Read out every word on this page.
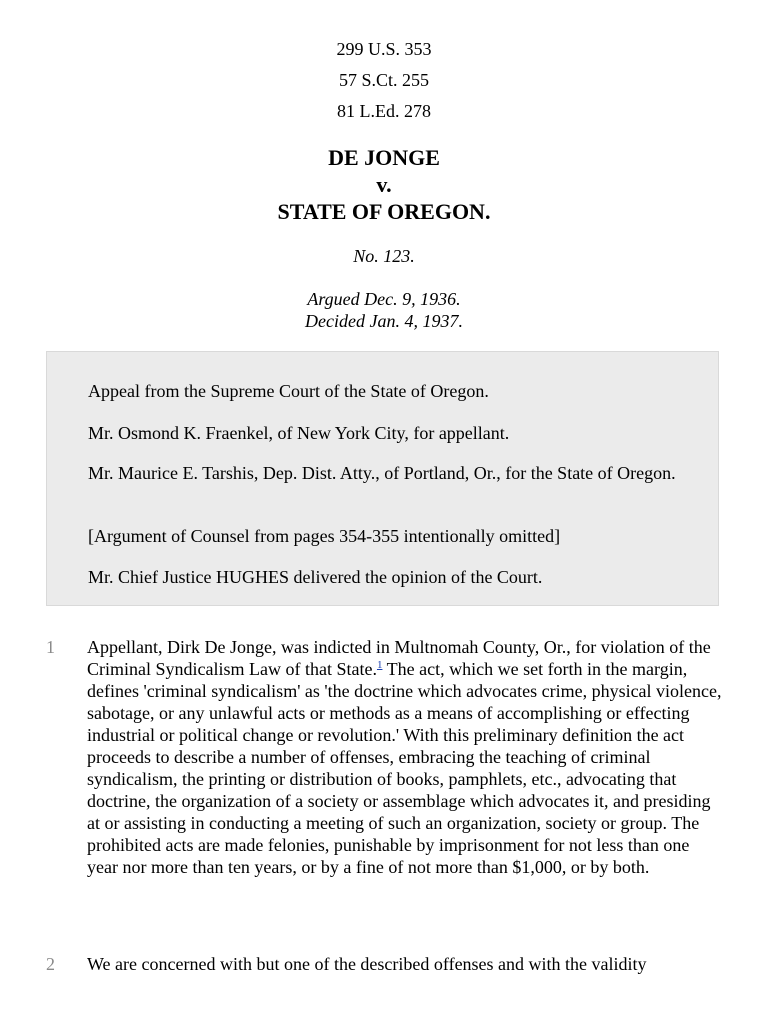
299 U.S. 353
57 S.Ct. 255
81 L.Ed. 278
DE JONGE
v.
STATE OF OREGON.
No. 123.
Argued Dec. 9, 1936.
Decided Jan. 4, 1937.

Appeal from the Supreme Court of the State of Oregon.

Mr. Osmond K. Fraenkel, of New York City, for appellant.

Mr. Maurice E. Tarshis, Dep. Dist. Atty., of Portland, Or., for the State of Oregon.

[Argument of Counsel from pages 354-355 intentionally omitted]

Mr. Chief Justice HUGHES delivered the opinion of the Court.

1 Appellant, Dirk De Jonge, was indicted in Multnomah County, Or., for violation of the Criminal Syndicalism Law of that State.$^1$ The act, which we set forth in the margin, defines 'criminal syndicalism' as 'the doctrine which advocates crime, physical violence, sabotage, or any unlawful acts or methods as a means of accomplishing or effecting industrial or political change or revolution.' With this preliminary definition the act proceeds to describe a number of offenses, embracing the teaching of criminal syndicalism, the printing or distribution of books, pamphlets, etc., advocating that doctrine, the organization of a society or assemblage which advocates it, and presiding at or assisting in conducting a meeting of such an organization, society or group. The prohibited acts are made felonies, punishable by imprisonment for not less than one year nor more than ten years, or by a fine of not more than $1,000, or by both.

2 We are concerned with but one of the described offenses and with the validity
